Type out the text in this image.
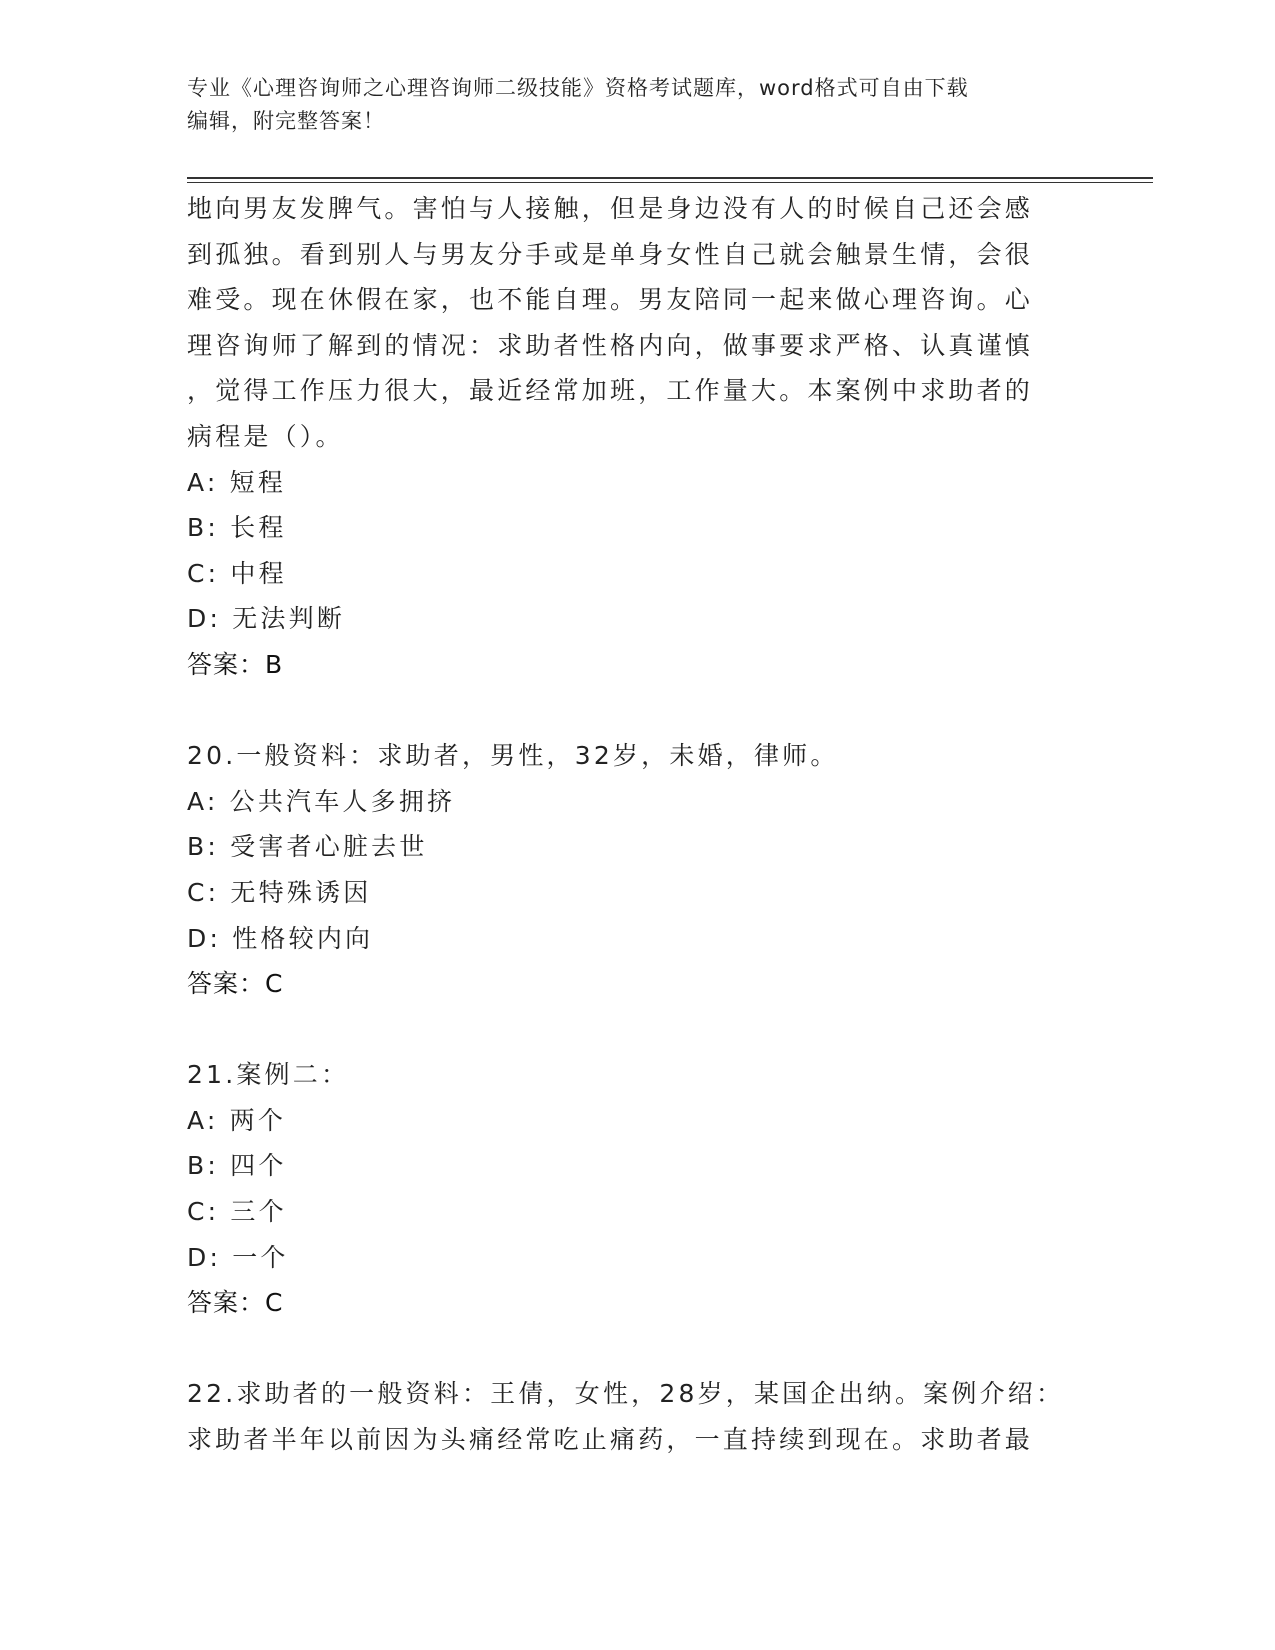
专业《心理咨询师之心理咨询师二级技能》资格考试题库，word格式可自由下载
编辑，附完整答案！
地向男友发脾气。害怕与人接触，但是身边没有人的时候自己还会感
到孤独。看到别人与男友分手或是单身女性自己就会触景生情，会很
难受。现在休假在家，也不能自理。男友陪同一起来做心理咨询。心
理咨询师了解到的情况：求助者性格内向，做事要求严格、认真谨慎
，觉得工作压力很大，最近经常加班，工作量大。本案例中求助者的
病程是（）。
A: 短程
B: 长程
C: 中程
D: 无法判断
答案：B
20.一般资料：求助者，男性，32岁，未婚，律师。
A: 公共汽车人多拥挤
B: 受害者心脏去世
C: 无特殊诱因
D: 性格较内向
答案：C
21.案例二：
A: 两个
B: 四个
C: 三个
D: 一个
答案：C
22.求助者的一般资料：王倩，女性，28岁，某国企出纳。案例介绍：
求助者半年以前因为头痛经常吃止痛药，一直持续到现在。求助者最
